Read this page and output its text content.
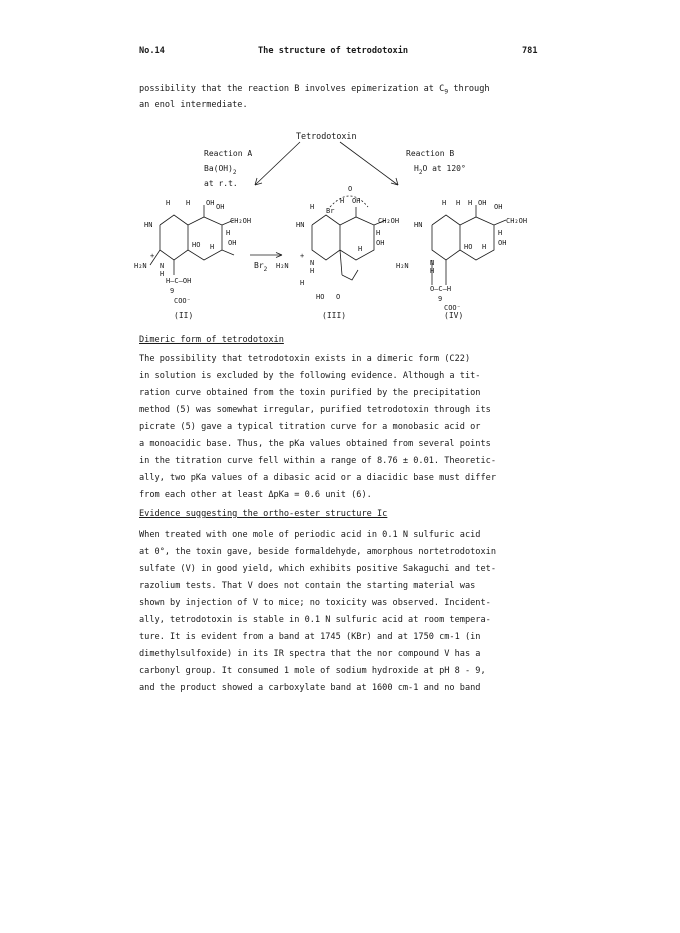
No.14	The structure of tetrodotoxin	781
possibility that the reaction B involves epimerization at $C_9$ through
an enol intermediate.
Tetrodotoxin
Reaction A
$Ba(OH)_2$
at r.t.
Reaction B
$H_2O$ at 120°
H H OH OH
HN	CH₂OH
H
H₂N
+
N
H
HO H OH
H—C—OH
9
COO⁻
$Br_2$
O
H OH
H Br
HN	CH₂OH
H
H₂N
+
N
H
OH
H
H
HO O
H H H OH OH
HN	CH₂OH
H
H₂N	N
H
HO H OH
O—C—H
9
COO⁻
(II)	(III)	(IV)
Dimeric form of tetrodotoxin
The possibility that tetrodotoxin exists in a dimeric form (C22)
in solution is excluded by the following evidence. Although a tit-
ration curve obtained from the toxin purified by the precipitation
method (5) was somewhat irregular, purified tetrodotoxin through its
picrate (5) gave a typical titration curve for a monobasic acid or
a monoacidic base. Thus, the pKa values obtained from several points
in the titration curve fell within a range of 8.76 ± 0.01. Theoretic-
ally, two pKa values of a dibasic acid or a diacidic base must differ
from each other at least ΔpKa = 0.6 unit (6).
Evidence suggesting the ortho-ester structure Ic
When treated with one mole of periodic acid in 0.1 N sulfuric acid
at 0°, the toxin gave, beside formaldehyde, amorphous nortetrodotoxin
sulfate (V) in good yield, which exhibits positive Sakaguchi and tet-
razolium tests. That V does not contain the starting material was
shown by injection of V to mice; no toxicity was observed. Incident-
ally, tetrodotoxin is stable in 0.1 N sulfuric acid at room tempera-
ture. It is evident from a band at 1745 (KBr) and at 1750 cm-1 (in
dimethylsulfoxide) in its IR spectra that the nor compound V has a
carbonyl group. It consumed 1 mole of sodium hydroxide at pH 8 - 9,
and the product showed a carboxylate band at 1600 cm-1 and no band
